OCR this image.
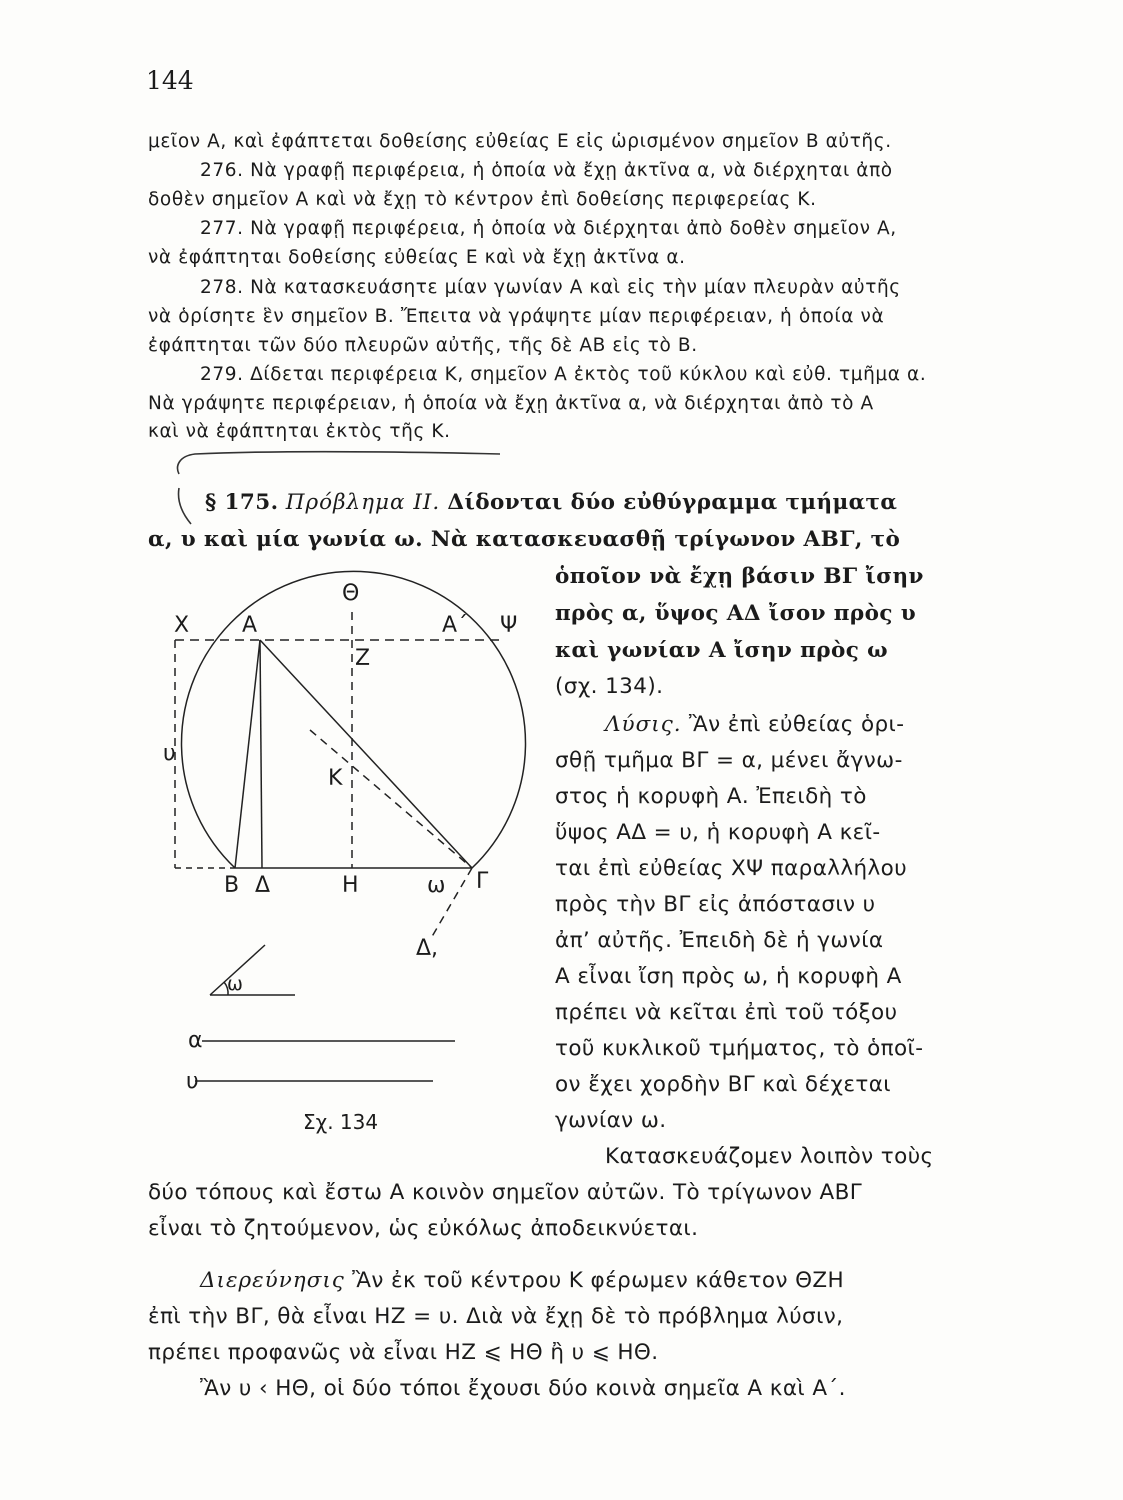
144
μεῖον Α, καὶ ἐφάπτεται δοθείσης εὐθείας Ε εἰς ὡρισμένον σημεῖον Β αὐτῆς.
276. Νὰ γραφῇ περιφέρεια, ἡ ὁποία νὰ ἔχῃ ἀκτῖνα α, νὰ διέρχηται ἀπὸ
δοθὲν σημεῖον Α καὶ νὰ ἔχῃ τὸ κέντρον ἐπὶ δοθείσης περιφερείας Κ.
277. Νὰ γραφῇ περιφέρεια, ἡ ὁποία νὰ διέρχηται ἀπὸ δοθὲν σημεῖον Α,
νὰ ἐφάπτηται δοθείσης εὐθείας Ε καὶ νὰ ἔχῃ ἀκτῖνα α.
278. Νὰ κατασκευάσητε μίαν γωνίαν Α καὶ εἰς τὴν μίαν πλευρὰν αὐτῆς
νὰ ὁρίσητε ἓν σημεῖον Β. Ἔπειτα νὰ γράψητε μίαν περιφέρειαν, ἡ ὁποία νὰ
ἐφάπτηται τῶν δύο πλευρῶν αὐτῆς, τῆς δὲ ΑΒ εἰς τὸ Β.
279. Δίδεται περιφέρεια Κ, σημεῖον Α ἐκτὸς τοῦ κύκλου καὶ εὐθ. τμῆμα α.
Νὰ γράψητε περιφέρειαν, ἡ ὁποία νὰ ἔχῃ ἀκτῖνα α, νὰ διέρχηται ἀπὸ τὸ Α
καὶ νὰ ἐφάπτηται ἐκτὸς τῆς Κ.
§ 175. Πρόβλημα ΙΙ. Δίδονται δύο εὐθύγραμμα τμήματα
α, υ καὶ μία γωνία ω. Νὰ κατασκευασθῇ τρίγωνον ΑΒΓ, τὸ
ὁποῖον νὰ ἔχῃ βάσιν ΒΓ ἴσην
πρὸς α, ὕψος ΑΔ ἴσον πρὸς υ
καὶ γωνίαν Α ἴσην πρὸς ω
(σχ. 134).
Λύσις. Ἂν ἐπὶ εὐθείας ὁρι-
σθῇ τμῆμα ΒΓ = α, μένει ἄγνω-
στος ἡ κορυφὴ Α. Ἐπειδὴ τὸ
ὕψος ΑΔ = υ, ἡ κορυφὴ Α κεῖ-
ται ἐπὶ εὐθείας ΧΨ παραλλήλου
πρὸς τὴν ΒΓ εἰς ἀπόστασιν υ
ἀπ’ αὐτῆς. Ἐπειδὴ δὲ ἡ γωνία
Α εἶναι ἴση πρὸς ω, ἡ κορυφὴ Α
πρέπει νὰ κεῖται ἐπὶ τοῦ τόξου
τοῦ κυκλικοῦ τμήματος, τὸ ὁποῖ-
ον ἔχει χορδὴν ΒΓ καὶ δέχεται
γωνίαν ω.
Κατασκευάζομεν λοιπὸν τοὺς
δύο τόπους καὶ ἔστω Α κοινὸν σημεῖον αὐτῶν. Τὸ τρίγωνον ΑΒΓ
εἶναι τὸ ζητούμενον, ὡς εὐκόλως ἀποδεικνύεται.
Διερεύνησις Ἂν ἐκ τοῦ κέντρου Κ φέρωμεν κάθετον ΘΖΗ
ἐπὶ τὴν ΒΓ, θὰ εἶναι ΗΖ = υ. Διὰ νὰ ἔχῃ δὲ τὸ πρόβλημα λύσιν,
πρέπει προφανῶς νὰ εἶναι ΗΖ ⩽ ΗΘ ἢ υ ⩽ ΗΘ.
Ἂν υ ‹ ΗΘ, οἱ δύο τόποι ἔχουσι δύο κοινὰ σημεῖα Α καὶ Α΄.
Χ Α	Α΄ Ψ
Θ
Ζ
Κ
υ
Β Δ	Η	ω Γ
Δ,
ω
α
υ
Σχ. 134
